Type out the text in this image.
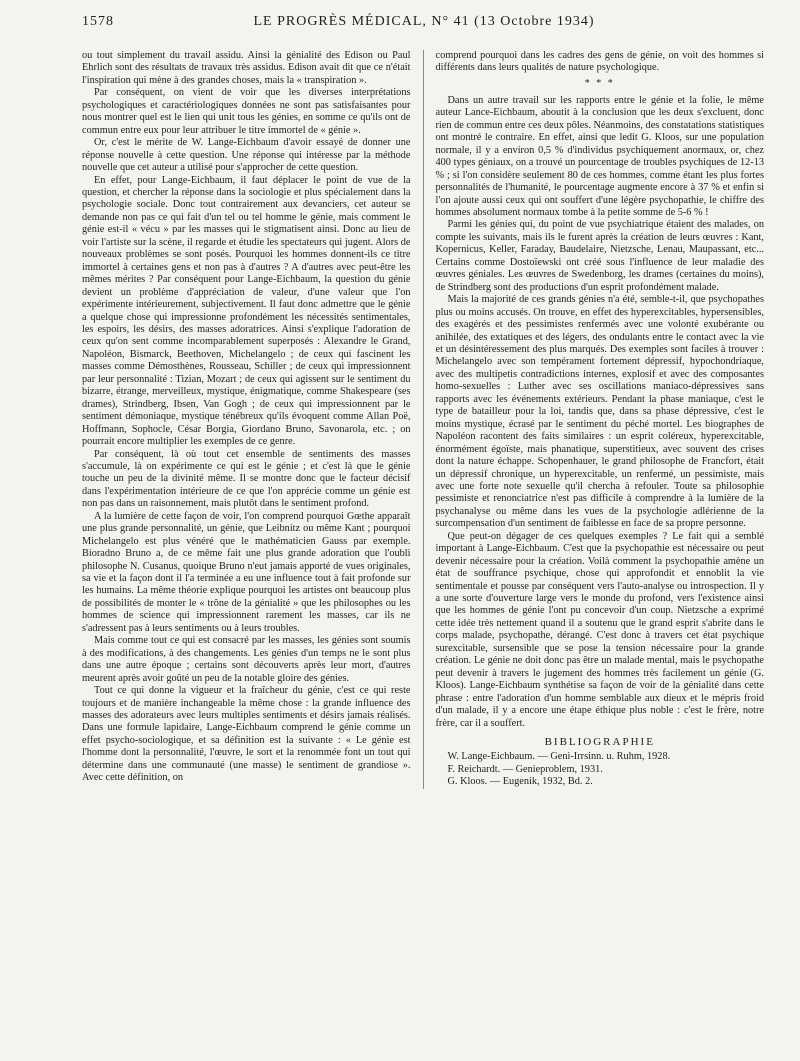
1578	LE PROGRÈS MÉDICAL, N° 41 (13 Octobre 1934)

ou tout simplement du travail assidu. Ainsi la génialité des Edison ou Paul Ehrlich sont des résultats de travaux très assidus. Edison avait dit que ce n'était l'inspiration qui mène à des grandes choses, mais la « transpiration ».

Par conséquent, on vient de voir que les diverses interprétations psychologiques et caractériologiques données ne sont pas satisfaisantes pour nous montrer quel est le lien qui unit tous les génies, en somme ce qu'ils ont de commun entre eux pour leur attribuer le titre immortel de « génie ».

Or, c'est le mérite de W. Lange-Eichbaum d'avoir essayé de donner une réponse nouvelle à cette question. Une réponse qui intéresse par la méthode nouvelle que cet auteur a utilisé pour s'approcher de cette question.

En effet, pour Lange-Eichbaum, il faut déplacer le point de vue de la question, et chercher la réponse dans la sociologie et plus spécialement dans la psychologie sociale. Donc tout contrairement aux devanciers, cet auteur se demande non pas ce qui fait d'un tel ou tel homme le génie, mais comment le génie est-il « vécu » par les masses qui le stigmatisent ainsi. Donc au lieu de voir l'artiste sur la scène, il regarde et étudie les spectateurs qui jugent. Alors de nouveaux problèmes se sont posés. Pourquoi les hommes donnent-ils ce titre immortel à certaines gens et non pas à d'autres ? A d'autres avec peut-être les mêmes mérites ? Par conséquent pour Lange-Eichbaum, la question du génie devient un problème d'appréciation de valeur, d'une valeur que l'on expérimente intérieurement, subjectivement. Il faut donc admettre que le génie a quelque chose qui impressionne profondément les nécessités sentimentales, les espoirs, les désirs, des masses adoratrices. Ainsi s'explique l'adoration de ceux qu'on sent comme incomparablement superposés : Alexandre le Grand, Napoléon, Bismarck, Beethoven, Michelangelo ; de ceux qui fascinent les masses comme Démosthènes, Rousseau, Schiller ; de ceux qui impressionnent par leur personnalité : Tizian, Mozart ; de ceux qui agissent sur le sentiment du bizarre, étrange, merveilleux, mystique, énigmatique, comme Shakespeare (ses drames), Strindberg, Ibsen, Van Gogh ; de ceux qui impressionnent par le sentiment démoniaque, mystique ténébreux qu'ils évoquent comme Allan Poë, Hoffmann, Sophocle, César Borgia, Giordano Bruno, Savonarola, etc. ; on pourrait encore multiplier les exemples de ce genre.

Par conséquent, là où tout cet ensemble de sentiments des masses s'accumule, là on expérimente ce qui est le génie ; et c'est là que le génie touche un peu de la divinité même. Il se montre donc que le facteur décisif dans l'expérimentation intérieure de ce que l'on apprécie comme un génie est non pas dans un raisonnement, mais plutôt dans le sentiment profond.

A la lumière de cette façon de voir, l'on comprend pourquoi Gœthe apparaît une plus grande personnalité, un génie, que Leibnitz ou même Kant ; pourquoi Michelangelo est plus vénéré que le mathématicien Gauss par exemple. Bioradno Bruno a, de ce même fait une plus grande adoration que l'oubli philosophe N. Cusanus, quoique Bruno n'eut jamais apporté de vues originales, sa vie et la façon dont il l'a terminée a eu une influence tout à fait profonde sur les humains. La même théorie explique pourquoi les artistes ont beaucoup plus de possibilités de monter le « trône de la génialité » que les philosophes ou les hommes de science qui impressionnent rarement les masses, car ils ne s'adressent pas à leurs sentiments ou à leurs troubles.

Mais comme tout ce qui est consacré par les masses, les génies sont soumis à des modifications, à des changements. Les génies d'un temps ne le sont plus dans une autre époque ; certains sont découverts après leur mort, d'autres meurent après avoir goûté un peu de la notable gloire des génies.

Tout ce qui donne la vigueur et la fraîcheur du génie, c'est ce qui reste toujours et de manière inchangeable la même chose : la grande influence des masses des adorateurs avec leurs multiples sentiments et désirs jamais réalisés. Dans une formule lapidaire, Lange-Eichbaum comprend le génie comme un effet psycho-sociologique, et sa définition est la suivante : « Le génie est l'homme dont la personnalité, l'œuvre, le sort et la renommée font un tout qui détermine dans une communauté (une masse) le sentiment de grandiose ». Avec cette définition, on

comprend pourquoi dans les cadres des gens de génie, on voit des hommes si différents dans leurs qualités de nature psychologique.

* * *

Dans un autre travail sur les rapports entre le génie et la folie, le même auteur Lance-Eichbaum, aboutit à la conclusion que les deux s'excluent, donc rien de commun entre ces deux pôles. Néanmoins, des constatations statistiques ont montré le contraire. En effet, ainsi que ledit G. Kloos, sur une population normale, il y a environ 0,5 % d'individus psychiquement anormaux, or, chez 400 types géniaux, on a trouvé un pourcentage de troubles psychiques de 12-13 % ; si l'on considère seulement 80 de ces hommes, comme étant les plus fortes personnalités de l'humanité, le pourcentage augmente encore à 37 % et enfin si l'on ajoute aussi ceux qui ont souffert d'une légère psychopathie, le chiffre des hommes absolument normaux tombe à la petite somme de 5-6 % !

Parmi les génies qui, du point de vue psychiatrique étaient des malades, on compte les suivants, mais ils le furent après la création de leurs œuvres : Kant, Kopernicus, Keller, Faraday, Baudelaire, Nietzsche, Lenau, Maupassant, etc... Certains comme Dostoïewski ont créé sous l'influence de leur maladie des œuvres géniales. Les œuvres de Swedenborg, les drames (certaines du moins), de Strindberg sont des productions d'un esprit profondément malade.

Mais la majorité de ces grands génies n'a été, semble-t-il, que psychopathes plus ou moins accusés. On trouve, en effet des hyperexcitables, hypersensibles, des exagérés et des pessimistes renfermés avec une volonté exubérante ou anihilée, des extatiques et des légers, des ondulants entre le contact avec la vie et un désintéressement des plus marqués. Des exemples sont faciles à trouver : Michelangelo avec son tempérament fortement dépressif, hypochondriaque, avec des multipetis contradictions internes, explosif et avec des composantes homo-sexuelles : Luther avec ses oscillations maniaco-dépressives sans rapports avec les événements extérieurs. Pendant la phase maniaque, c'est le type de batailleur pour la loi, tandis que, dans sa phase dépressive, c'est le moins mystique, écrasé par le sentiment du péché mortel. Les biographes de Napoléon racontent des faits similaires : un esprit coléreux, hyperexcitable, énormément égoïste, mais phanatique, superstitieux, avec souvent des crises dont la nature échappe. Schopenhauer, le grand philosophe de Francfort, était un dépressif chronique, un hyperexcitable, un renfermé, un pessimiste, mais avec une forte note sexuelle qu'il chercha à refouler. Toute sa philosophie pessimiste et renonciatrice n'est pas difficile à comprendre à la lumière de la psychanalyse ou même dans les vues de la psychologie adlérienne de la surcompensation d'un sentiment de faiblesse en face de sa propre personne.

Que peut-on dégager de ces quelques exemples ? Le fait qui a semblé important à Lange-Eichbaum. C'est que la psychopathie est nécessaire ou peut devenir nécessaire pour la création. Voilà comment la psychopathie amène un état de souffrance psychique, chose qui approfondit et ennoblit la vie sentimentale et pousse par conséquent vers l'auto-analyse ou introspection. Il y a une sorte d'ouverture large vers le monde du profond, vers l'existence ainsi que les hommes de génie l'ont pu concevoir d'un coup. Nietzsche a exprimé cette idée très nettement quand il a soutenu que le grand esprit s'abrite dans le corps malade, psychopathe, dérangé. C'est donc à travers cet état psychique surexcitable, sursensible que se pose la tension nécessaire pour la grande création. Le génie ne doit donc pas être un malade mental, mais le psychopathe peut devenir à travers le jugement des hommes très facilement un génie (G. Kloos). Lange-Eichbaum synthétise sa façon de voir de la génialité dans cette phrase : entre l'adoration d'un homme semblable aux dieux et le mépris froid d'un malade, il y a encore une étape éthique plus noble : c'est le frère, notre frère, car il a souffert.

BIBLIOGRAPHIE

W. Lange-Eichbaum. — Geni-Irrsinn. u. Ruhm, 1928.

F. Reichardt. — Genieproblem, 1931.

G. Kloos. — Eugenik, 1932, Bd. 2.
